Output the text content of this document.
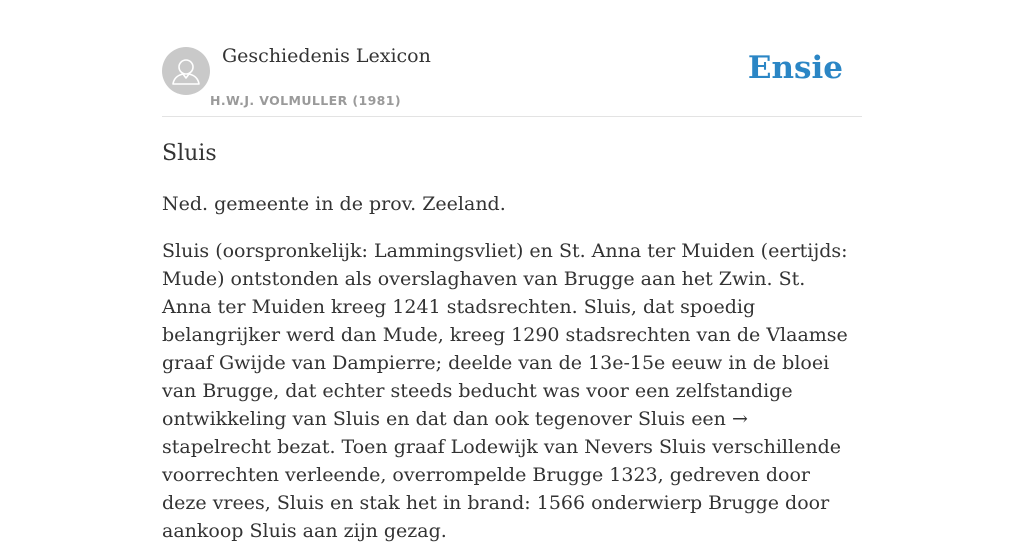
Geschiedenis Lexicon
H.W.J. VOLMULLER (1981)
Ensie
Sluis

Ned. gemeente in de prov. Zeeland.

Sluis (oorspronkelijk: Lammingsvliet) en St. Anna ter Muiden (eertijds: Mude) ontstonden als overslaghaven van Brugge aan het Zwin. St. Anna ter Muiden kreeg 1241 stadsrechten. Sluis, dat spoedig belangrijker werd dan Mude, kreeg 1290 stadsrechten van de Vlaamse graaf Gwijde van Dampierre; deelde van de 13e-15e eeuw in de bloei van Brugge, dat echter steeds beducht was voor een zelfstandige ontwikkeling van Sluis en dat dan ook tegenover Sluis een → stapelrecht bezat. Toen graaf Lodewijk van Nevers Sluis verschillende voorrechten verleende, overrompelde Brugge 1323, gedreven door deze vrees, Sluis en stak het in brand: 1566 onderwierp Brugge door aankoop Sluis aan zijn gezag.
